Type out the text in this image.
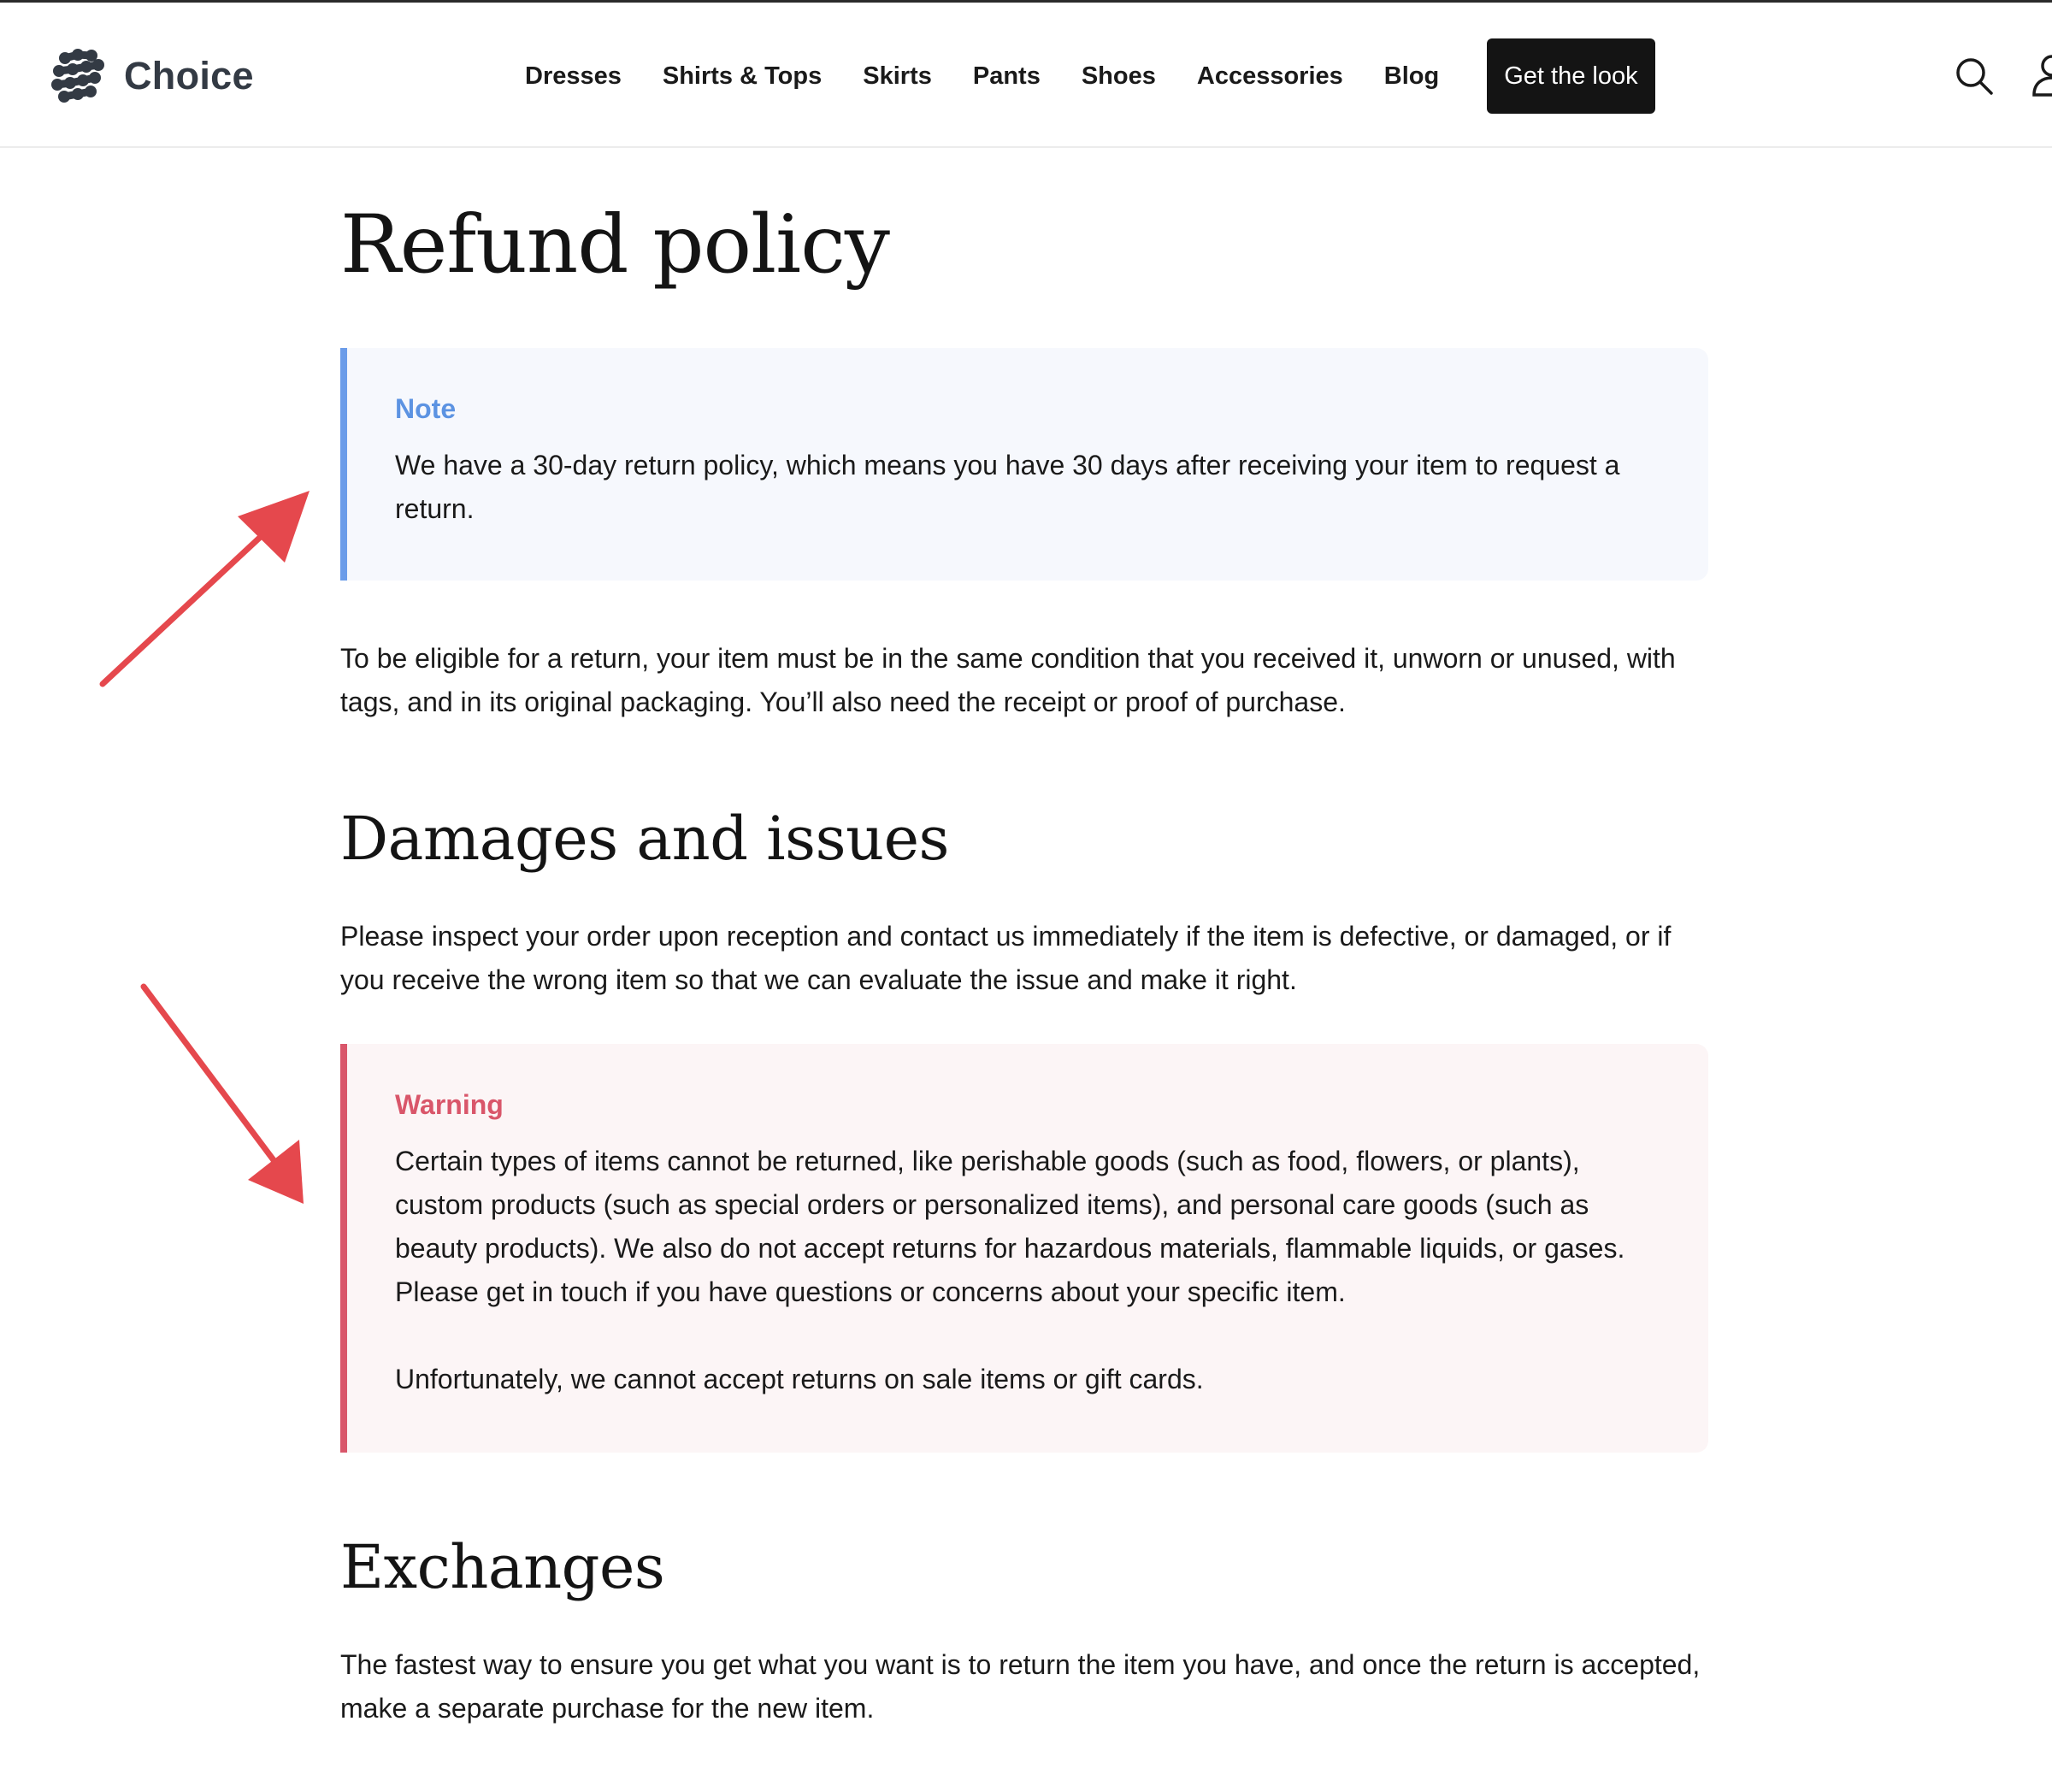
Choice	Dresses Shirts & Tops Skirts Pants Shoes Accessories Blog	Get the look
Refund policy
Note

We have a 30-day return policy, which means you have 30 days after receiving your item to request a return.

To be eligible for a return, your item must be in the same condition that you received it, unworn or unused, with tags, and in its original packaging. You’ll also need the receipt or proof of purchase.

Damages and issues

Please inspect your order upon reception and contact us immediately if the item is defective, or damaged, or if you receive the wrong item so that we can evaluate the issue and make it right.

Warning

Certain types of items cannot be returned, like perishable goods (such as food, flowers, or plants), custom products (such as special orders or personalized items), and personal care goods (such as beauty products). We also do not accept returns for hazardous materials, flammable liquids, or gases. Please get in touch if you have questions or concerns about your specific item.

Unfortunately, we cannot accept returns on sale items or gift cards.

Exchanges

The fastest way to ensure you get what you want is to return the item you have, and once the return is accepted, make a separate purchase for the new item.
